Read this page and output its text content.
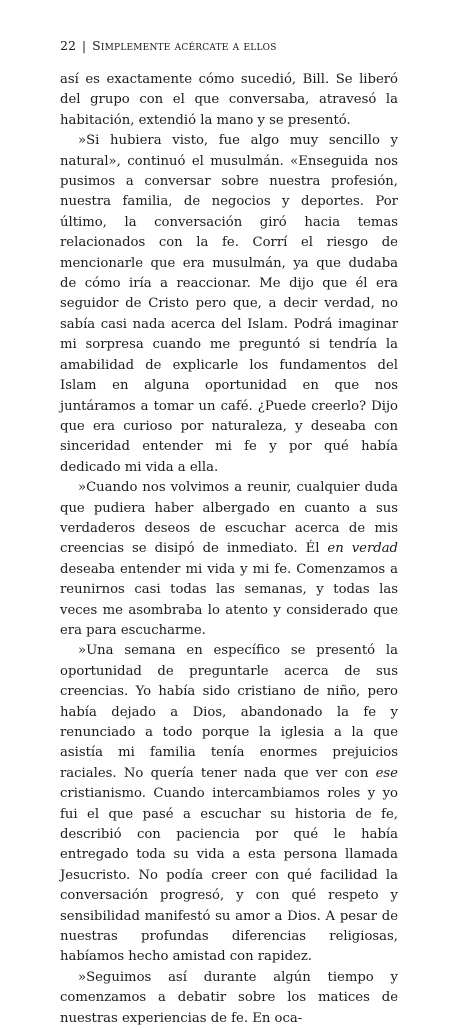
22 | Simplemente acércate a ellos

así es exactamente cómo sucedió, Bill. Se liberó del grupo con el que conversaba, atravesó la habitación, extendió la mano y se presentó.

»Si hubiera visto, fue algo muy sencillo y natural», continuó el musulmán. «Enseguida nos pusimos a conversar sobre nuestra profesión, nuestra familia, de negocios y deportes. Por último, la conversación giró hacia temas relacionados con la fe. Corrí el riesgo de mencionarle que era musulmán, ya que dudaba de cómo iría a reaccionar. Me dijo que él era seguidor de Cristo pero que, a decir verdad, no sabía casi nada acerca del Islam. Podrá imaginar mi sorpresa cuando me preguntó si tendría la amabilidad de explicarle los fundamentos del Islam en alguna oportunidad en que nos juntáramos a tomar un café. ¿Puede creerlo? Dijo que era curioso por naturaleza, y deseaba con sinceridad entender mi fe y por qué había dedicado mi vida a ella.

»Cuando nos volvimos a reunir, cualquier duda que pudiera haber albergado en cuanto a sus verdaderos deseos de escuchar acerca de mis creencias se disipó de inmediato. Él en verdad deseaba entender mi vida y mi fe. Comenzamos a reunirnos casi todas las semanas, y todas las veces me asombraba lo atento y considerado que era para escucharme.

»Una semana en específico se presentó la oportunidad de preguntarle acerca de sus creencias. Yo había sido cristiano de niño, pero había dejado a Dios, abandonado la fe y renunciado a todo porque la iglesia a la que asistía mi familia tenía enormes prejuicios raciales. No quería tener nada que ver con ese cristianismo. Cuando intercambiamos roles y yo fui el que pasé a escuchar su historia de fe, describió con paciencia por qué le había entregado toda su vida a esta persona llamada Jesucristo. No podía creer con qué facilidad la conversación progresó, y con qué respeto y sensibilidad manifestó su amor a Dios. A pesar de nuestras profundas diferencias religiosas, habíamos hecho amistad con rapidez.

»Seguimos así durante algún tiempo y comenzamos a debatir sobre los matices de nuestras experiencias de fe. En oca-
